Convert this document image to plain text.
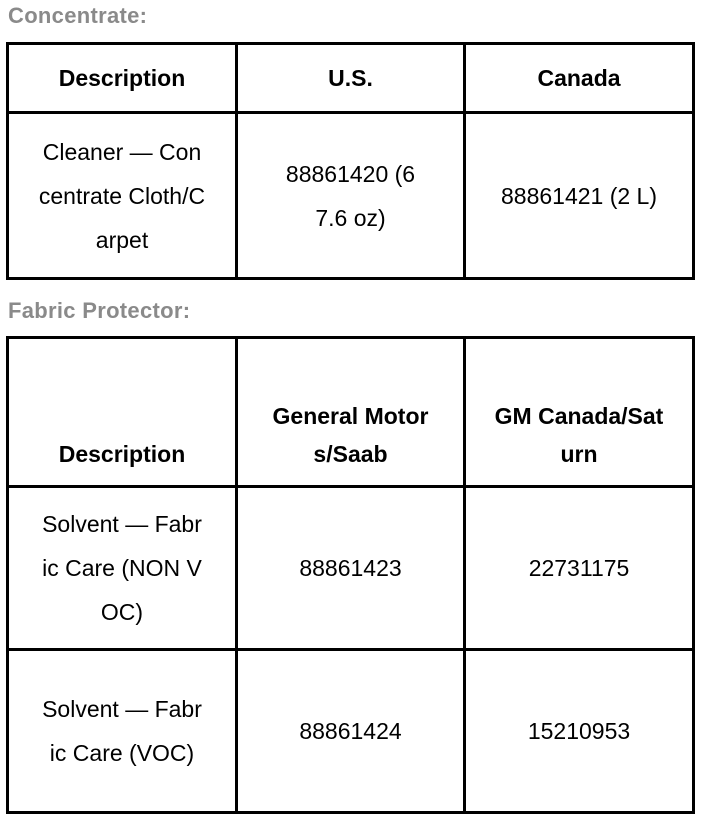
Concentrate:
Description	U.S.	Canada
Cleaner — Concentrate Cloth/Carpet	88861420 (67.6 oz)	88861421 (2 L)
Fabric Protector:
Description	General Motors/Saab	GM Canada/Saturn
Solvent — Fabric Care (NON VOC)	88861423	22731175
Solvent — Fabric Care (VOC)	88861424	15210953
